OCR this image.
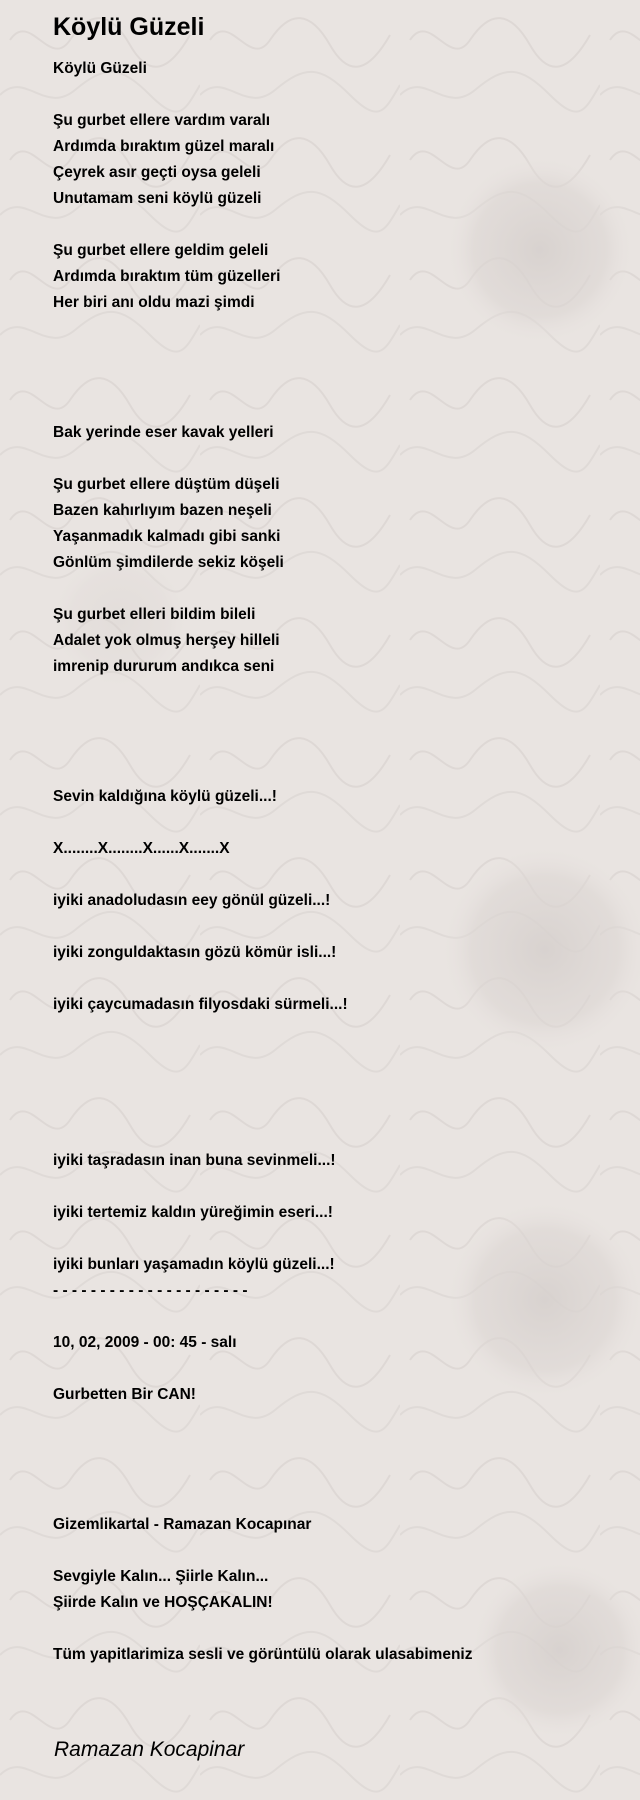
Köylü Güzeli
Köylü Güzeli
Şu gurbet ellere vardım varalı
Ardımda bıraktım güzel maralı
Çeyrek asır geçti oysa geleli
Unutamam seni köylü güzeli
Şu gurbet ellere geldim geleli
Ardımda bıraktım tüm güzelleri
Her biri anı oldu mazi şimdi
Bak yerinde eser kavak yelleri
Şu gurbet ellere düştüm düşeli
Bazen kahırlıyım bazen neşeli
Yaşanmadık kalmadı gibi sanki
Gönlüm şimdilerde sekiz köşeli
Şu gurbet elleri bildim bileli
Adalet yok olmuş herşey hilleli
imrenip dururum andıkca seni
Sevin kaldığına köylü güzeli...!
X........X........X......X.......X
iyiki anadoludasın eey gönül güzeli...!
iyiki zonguldaktasın gözü kömür isli...!
iyiki çaycumadasın filyosdaki sürmeli...!
iyiki taşradasın inan buna sevinmeli...!
iyiki tertemiz kaldın yüreğimin eseri...!
iyiki bunları yaşamadın köylü güzeli...!
- - - - - - - - - - - - - - - - - - - - -
10, 02, 2009 - 00: 45 - salı
Gurbetten Bir CAN!
Gizemlikartal - Ramazan Kocapınar
Sevgiyle Kalın... Şiirle Kalın...
Şiirde Kalın ve HOŞÇAKALIN!
Tüm yapitlarimiza sesli ve görüntülü olarak ulasabimeniz
Ramazan Kocapinar
